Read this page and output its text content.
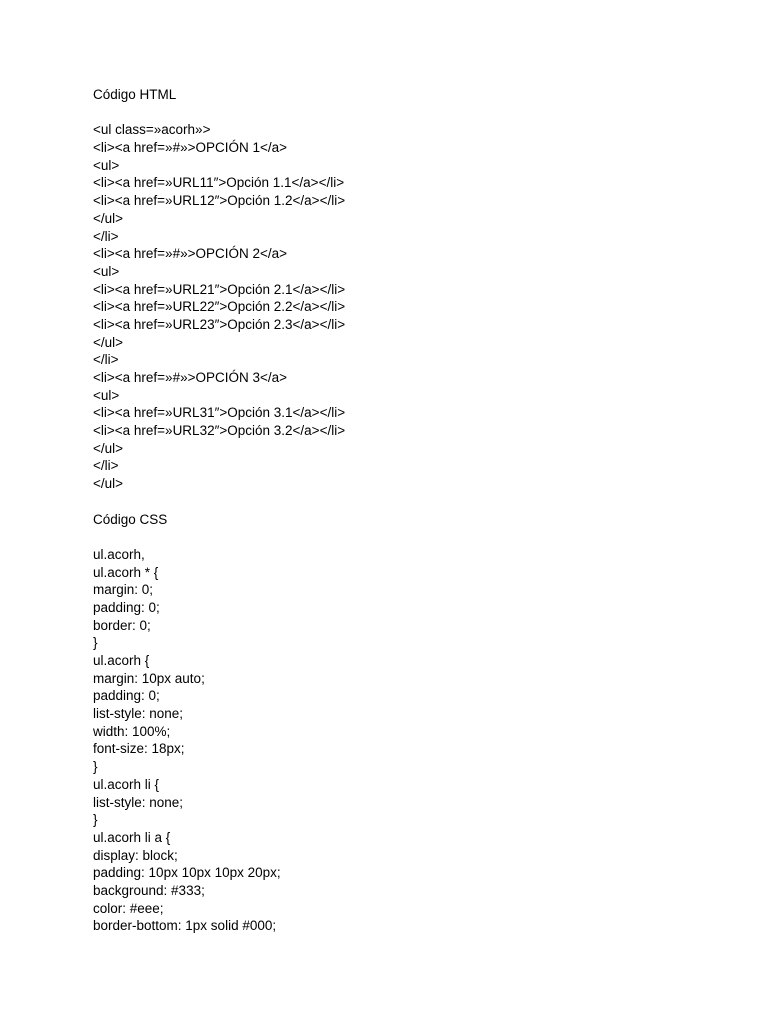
Código HTML
<ul class=»acorh»>
<li><a href=»#»>OPCIÓN 1</a>
<ul>
<li><a href=»URL11″>Opción 1.1</a></li>
<li><a href=»URL12″>Opción 1.2</a></li>
</ul>
</li>
<li><a href=»#»>OPCIÓN 2</a>
<ul>
<li><a href=»URL21″>Opción 2.1</a></li>
<li><a href=»URL22″>Opción 2.2</a></li>
<li><a href=»URL23″>Opción 2.3</a></li>
</ul>
</li>
<li><a href=»#»>OPCIÓN 3</a>
<ul>
<li><a href=»URL31″>Opción 3.1</a></li>
<li><a href=»URL32″>Opción 3.2</a></li>
</ul>
</li>
</ul>
Código CSS
ul.acorh,
ul.acorh * {
margin: 0;
padding: 0;
border: 0;
}
ul.acorh {
margin: 10px auto;
padding: 0;
list-style: none;
width: 100%;
font-size: 18px;
}
ul.acorh li {
list-style: none;
}
ul.acorh li a {
display: block;
padding: 10px 10px 10px 20px;
background: #333;
color: #eee;
border-bottom: 1px solid #000;
